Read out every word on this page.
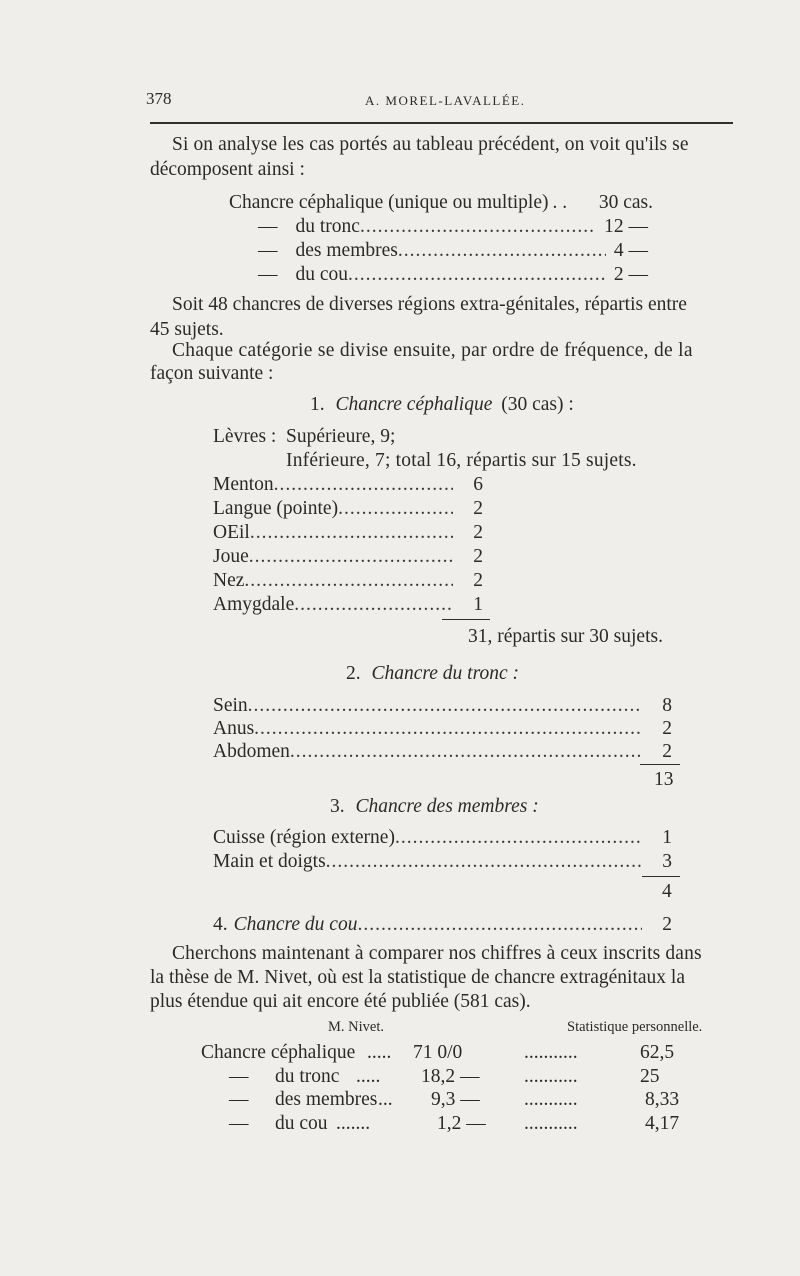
378	A. MOREL-LAVALLÉE.
Si on analyse les cas portés au tableau précédent, on voit qu'ils se
décomposent ainsi :
Chancre céphalique (unique ou multiple) . . 30 cas.
— du tronc .....	12 —
— des membres .....	4 —
— du cou .....	2 —
Soit 48 chancres de diverses régions extra-génitales, répartis entre
45 sujets.
Chaque catégorie se divise ensuite, par ordre de fréquence, de la
façon suivante :
1. Chancre céphalique (30 cas) :
Lèvres : Supérieure, 9;
Inférieure, 7; total 16, répartis sur 15 sujets.
Menton .....	6
Langue (pointe) .....	2
OEil .....	2
Joue .....	2
Nez .....	2
Amygdale .....	1
31, répartis sur 30 sujets.
2. Chancre du tronc :
Sein .....	8
Anus .....	2
Abdomen .....	2
13
3. Chancre des membres :
Cuisse (région externe) .....	1
Main et doigts .....	3
4
4. Chancre du cou .....	2
Cherchons maintenant à comparer nos chiffres à ceux inscrits dans
la thèse de M. Nivet, où est la statistique de chancre extragénitaux la
plus étendue qui ait encore été publiée (581 cas).
M. Nivet.	Statistique personnelle.
Chancre céphalique ..... 71 0/0	...........	62,5
— du tronc ..... 18,2 — ...........	25
— des membres ... 9,3 — ...........	8,33
— du cou .......	1,2 — ...........	4,17
